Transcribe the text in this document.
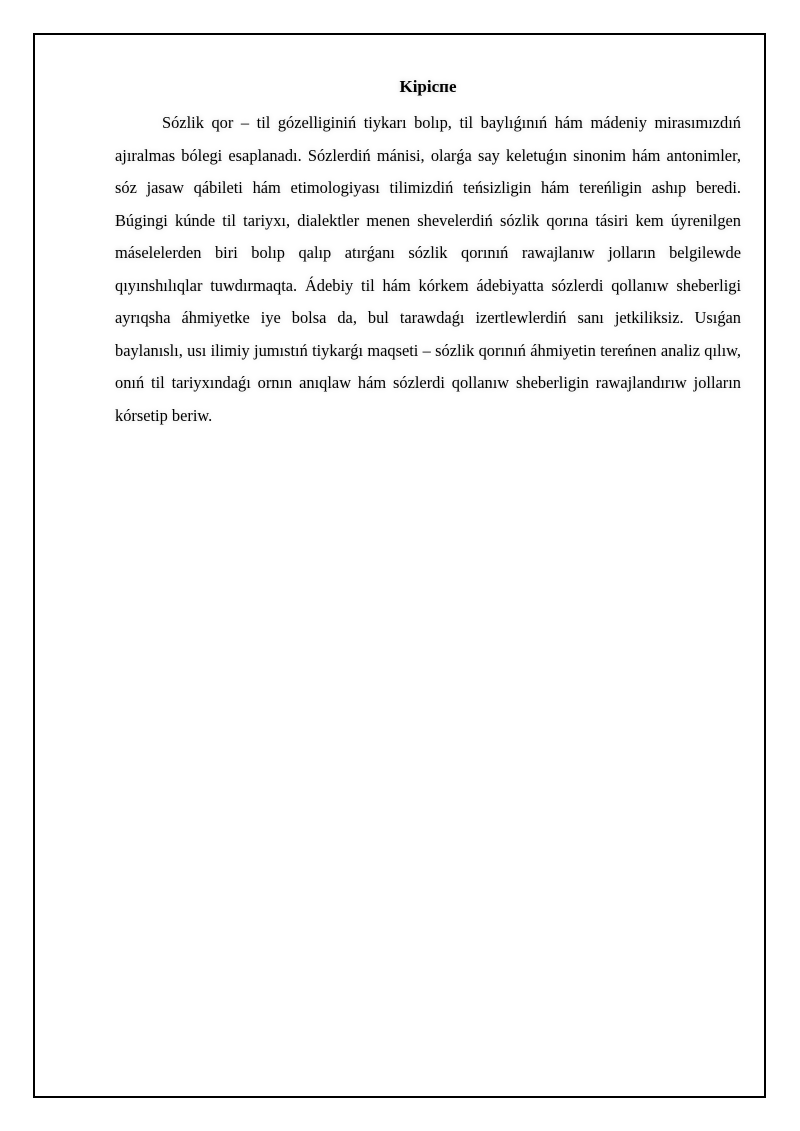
Kipicпe

Sózlik qor – til gózelliginiń tiykarı bolıp, til baylıǵınıń hám mádeniy mirasımızdıń ajıralmas bólegi esaplanadı. Sózlerdiń mánisi, olarǵa say keletuǵın sinonim hám antonimler, sóz jasaw qábileti hám etimologiyası tilimizdiń teńsizligin hám tereńligin ashıp beredi. Búgingi kúnde til tariyxı, dialektler menen shevelerdiń sózlik qorına tásiri kem úyrenilgen máselelerden biri bolıp qalıp atırǵanı sózlik qorınıń rawajlanıw jolların belgilewde qıyınshılıqlar tuwdırmaqta. Ádebiy til hám kórkem ádebiyatta sózlerdi qollanıw sheberligi ayrıqsha áhmiyetke iye bolsa da, bul tarawdaǵı izertlewlerdiń sanı jetkiliksiz. Usıǵan baylanıslı, usı ilimiy jumıstıń tiykarǵı maqseti – sózlik qorınıń áhmiyetin tereńnen analiz qılıw, onıń til tariyxındaǵı ornın anıqlaw hám sózlerdi qollanıw sheberligin rawajlandırıw jolların kórsetip beriw.
